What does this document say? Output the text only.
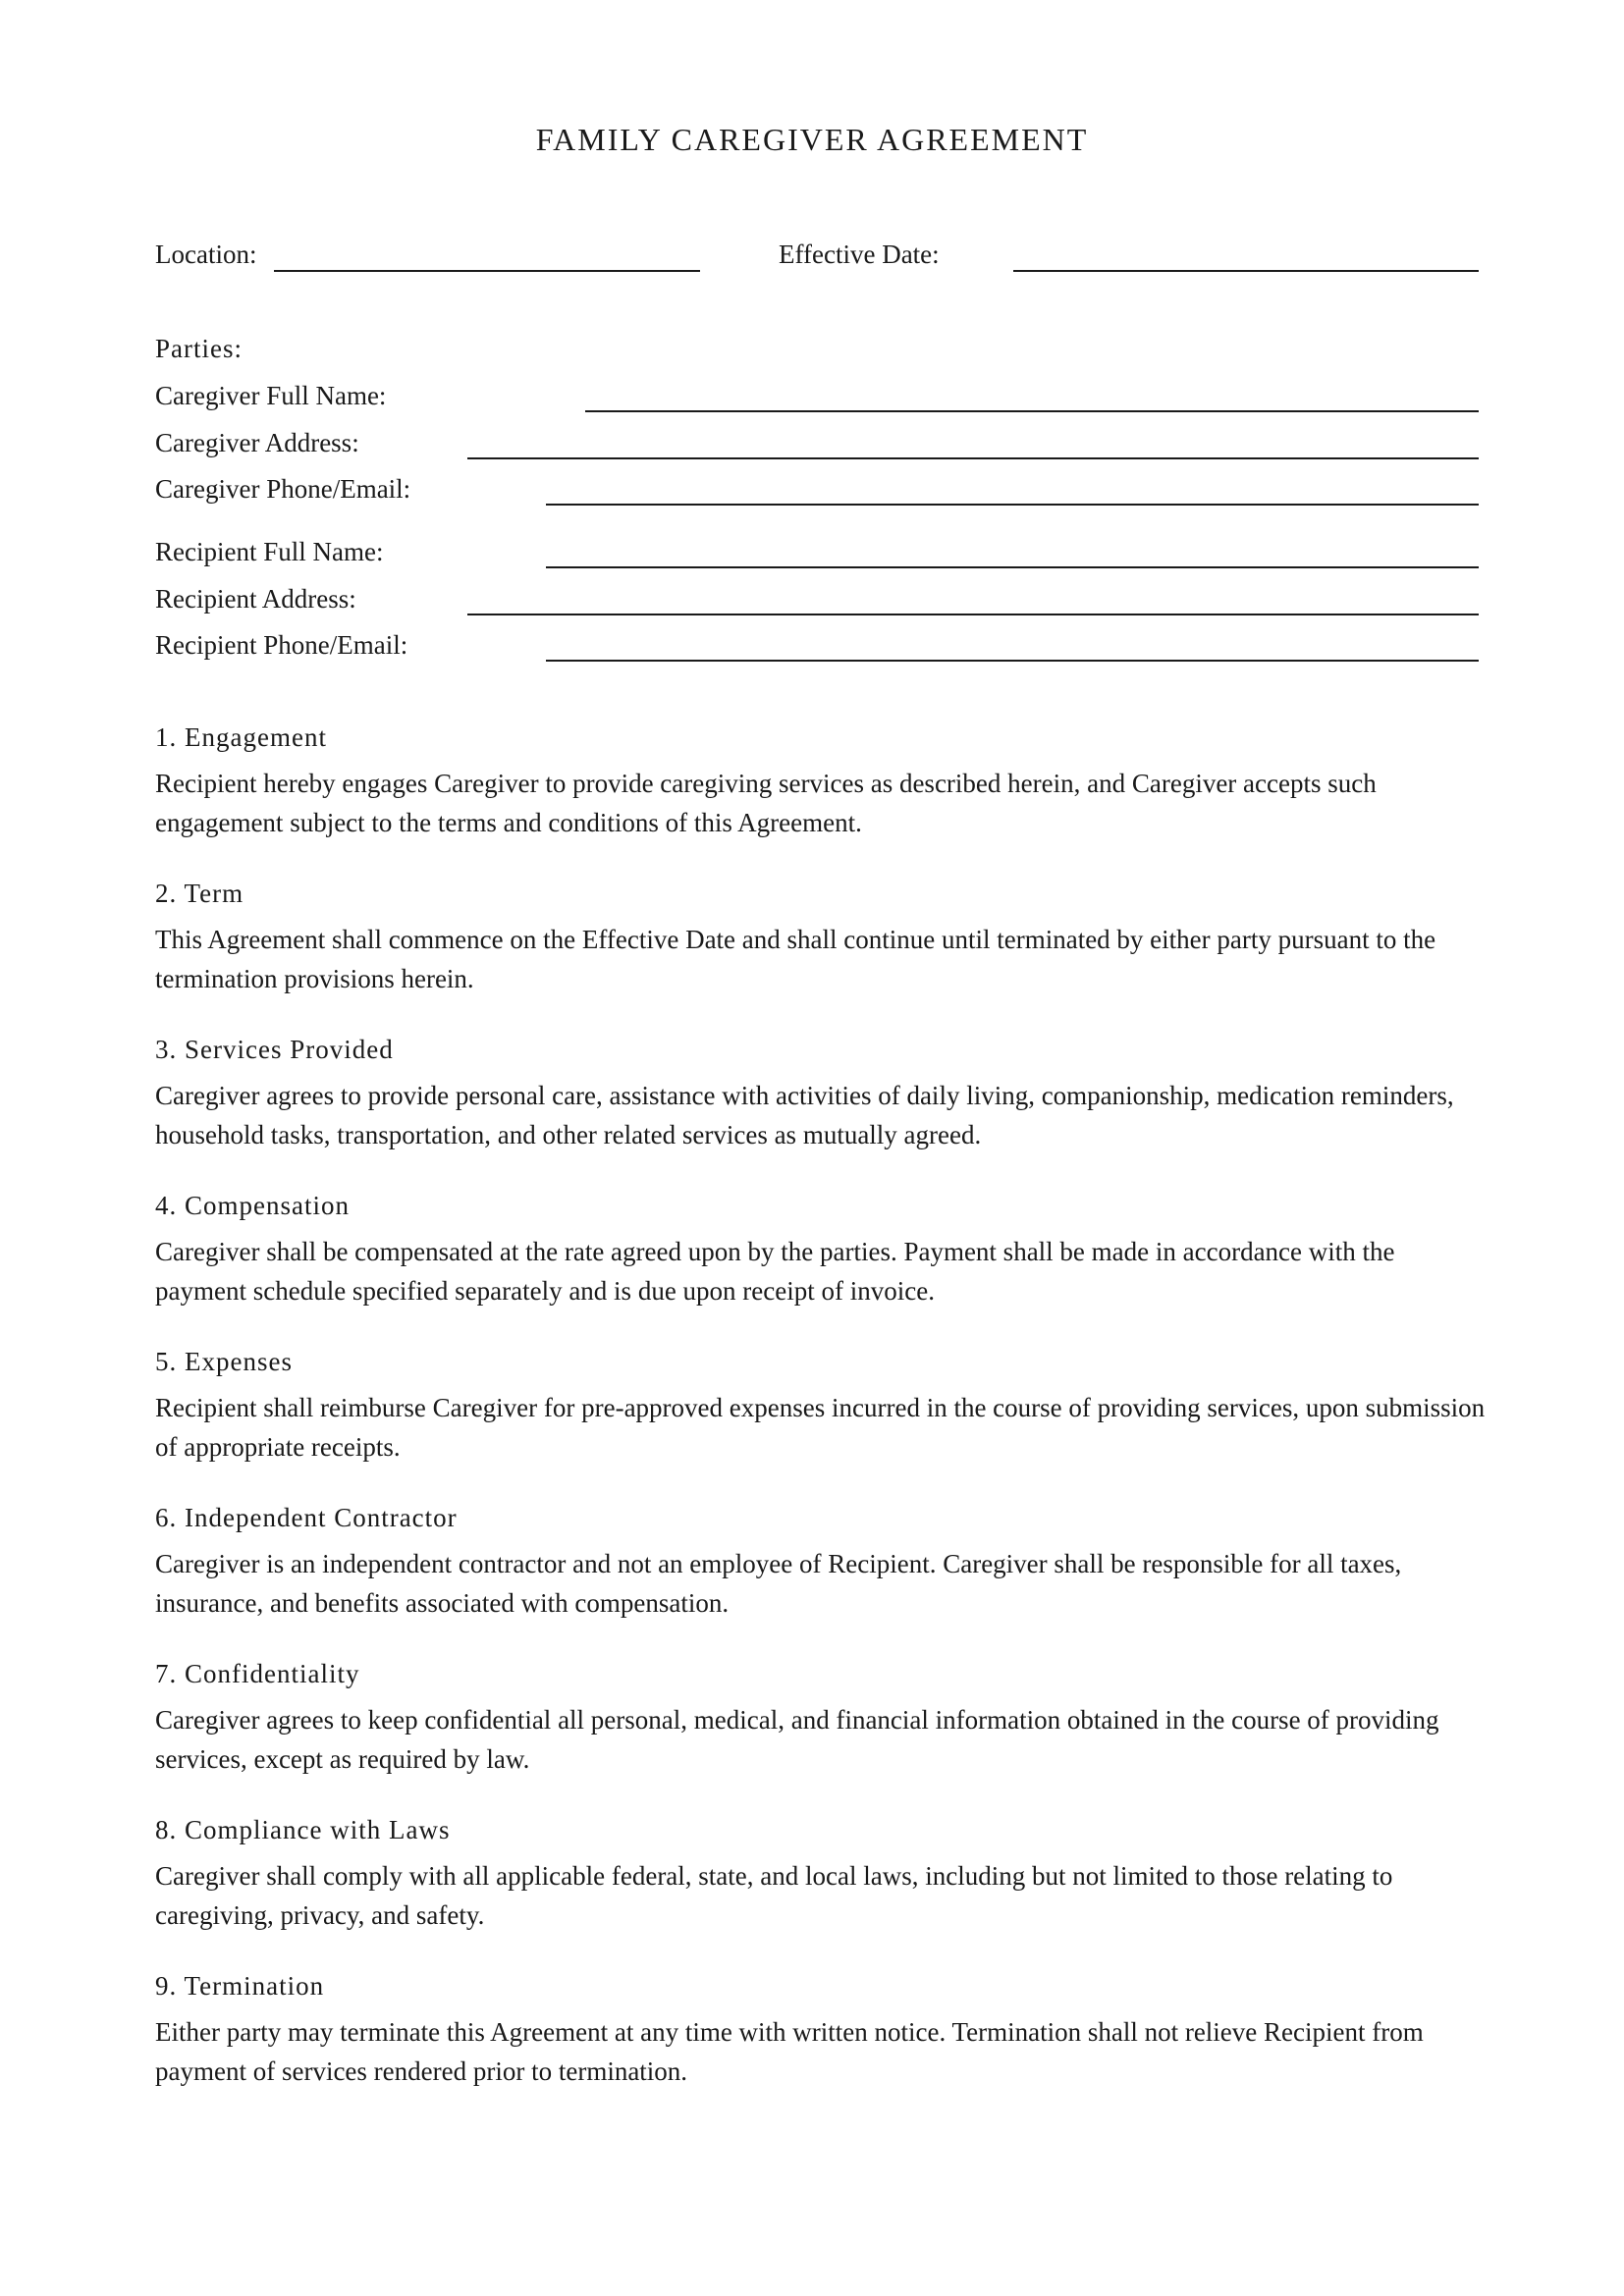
FAMILY CAREGIVER AGREEMENT
Location:	Effective Date:
Parties:
Caregiver Full Name:
Caregiver Address:
Caregiver Phone/Email:
Recipient Full Name:
Recipient Address:
Recipient Phone/Email:
1. Engagement

Recipient hereby engages Caregiver to provide caregiving services as described herein, and Caregiver accepts such engagement subject to the terms and conditions of this Agreement.

2. Term

This Agreement shall commence on the Effective Date and shall continue until terminated by either party pursuant to the termination provisions herein.

3. Services Provided

Caregiver agrees to provide personal care, assistance with activities of daily living, companionship, medication reminders, household tasks, transportation, and other related services as mutually agreed.

4. Compensation

Caregiver shall be compensated at the rate agreed upon by the parties. Payment shall be made in accordance with the payment schedule specified separately and is due upon receipt of invoice.

5. Expenses

Recipient shall reimburse Caregiver for pre-approved expenses incurred in the course of providing services, upon submission of appropriate receipts.

6. Independent Contractor

Caregiver is an independent contractor and not an employee of Recipient. Caregiver shall be responsible for all taxes, insurance, and benefits associated with compensation.

7. Confidentiality

Caregiver agrees to keep confidential all personal, medical, and financial information obtained in the course of providing services, except as required by law.

8. Compliance with Laws

Caregiver shall comply with all applicable federal, state, and local laws, including but not limited to those relating to caregiving, privacy, and safety.

9. Termination

Either party may terminate this Agreement at any time with written notice. Termination shall not relieve Recipient from payment of services rendered prior to termination.
